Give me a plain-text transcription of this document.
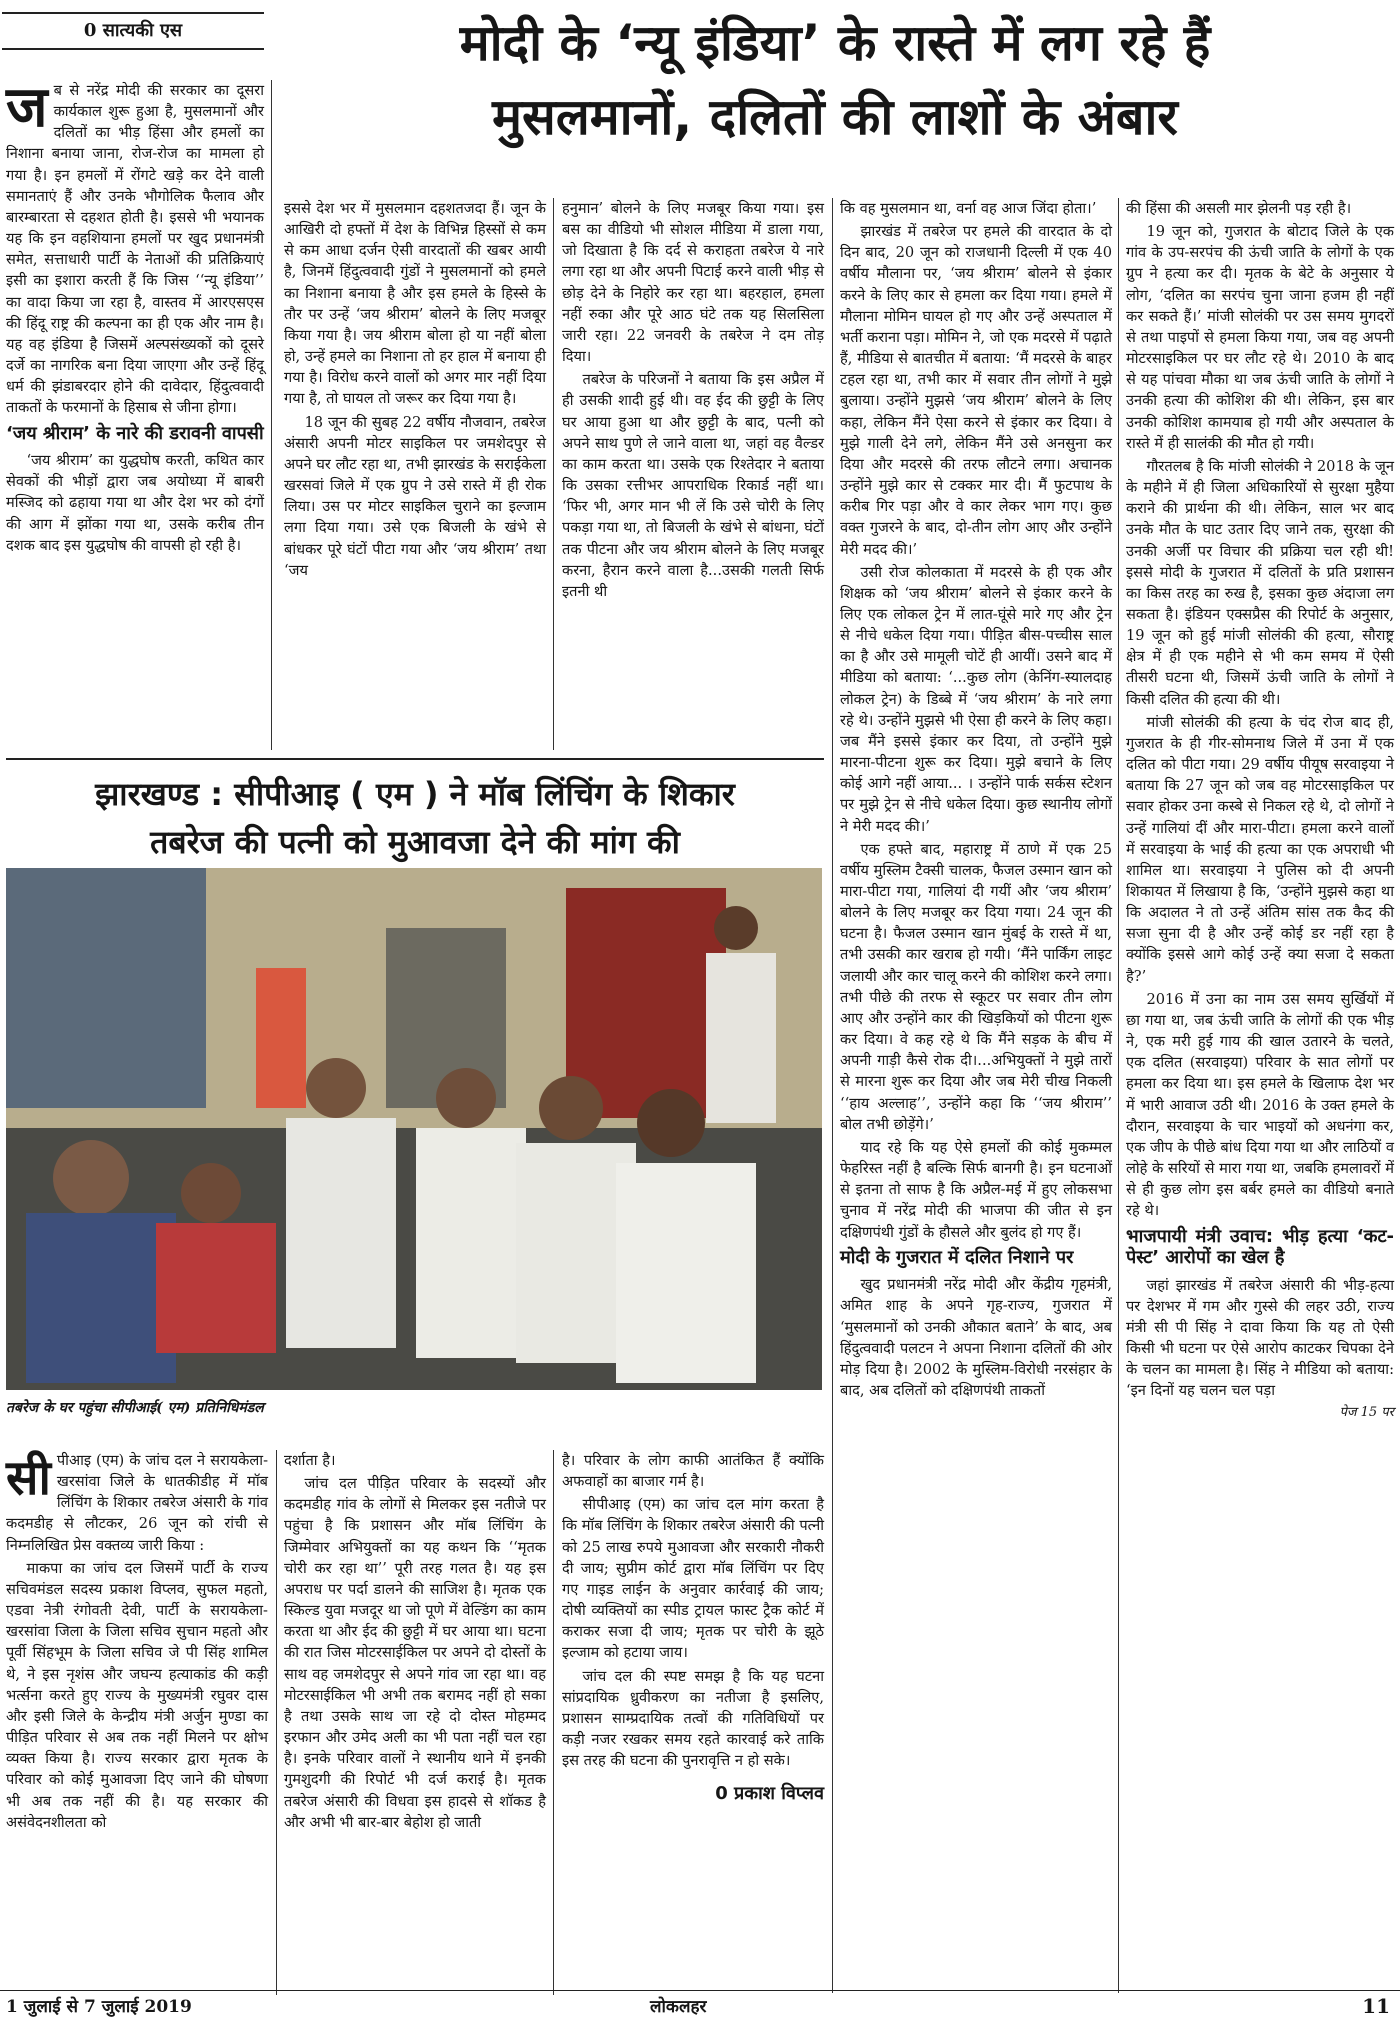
0 सात्यकी एस	मोदी के ‘न्यू इंडिया’ के रास्ते में लग रहे हैं
मुसलमानों, दलितों की लाशों के अंबार
ज ब से नरेंद्र मोदी की सरकार का दूसरा कार्यकाल शुरू हुआ है, मुसलमानों और दलितों का भीड़ हिंसा और हमलों का निशाना बनाया जाना, रोज-रोज का मामला हो गया है। इन हमलों में रोंगटे खड़े कर देने वाली समानताएं हैं और उनके भौगोलिक फैलाव और बारम्बारता से दहशत होती है। इससे भी भयानक यह कि इन वहशियाना हमलों पर खुद प्रधानमंत्री समेत, सत्ताधारी पार्टी के नेताओं की प्रतिक्रियाएं इसी का इशारा करती हैं कि जिस ‘‘न्यू इंडिया’’ का वादा किया जा रहा है, वास्तव में आरएसएस की हिंदू राष्ट्र की कल्पना का ही एक और नाम है। यह वह इंडिया है जिसमें अल्पसंख्यकों को दूसरे दर्जे का नागरिक बना दिया जाएगा और उन्हें हिंदू धर्म की झंडाबरदार होने की दावेदार, हिंदुत्ववादी ताकतों के फरमानों के हिसाब से जीना होगा।

‘जय श्रीराम’ के नारे की डरावनी वापसी

‘जय श्रीराम’ का युद्धघोष करती, कथित कार सेवकों की भीड़ों द्वारा जब अयोध्या में बाबरी मस्जिद को ढहाया गया था और देश भर को दंगों की आग में झोंका गया था, उसके करीब तीन दशक बाद इस युद्धघोष की वापसी हो रही है।

इससे देश भर में मुसलमान दहशतजदा हैं। जून के आखिरी दो हफ्तों में देश के विभिन्न हिस्सों से कम से कम आधा दर्जन ऐसी वारदातों की खबर आयी है, जिनमें हिंदुत्ववादी गुंडों ने मुसलमानों को हमले का निशाना बनाया है और इस हमले के हिस्से के तौर पर उन्हें ‘जय श्रीराम’ बोलने के लिए मजबूर किया गया है। जय श्रीराम बोला हो या नहीं बोला हो, उन्हें हमले का निशाना तो हर हाल में बनाया ही गया है। विरोध करने वालों को अगर मार नहीं दिया गया है, तो घायल तो जरूर कर दिया गया है।

18 जून की सुबह 22 वर्षीय नौजवान, तबरेज अंसारी अपनी मोटर साइकिल पर जमशेदपुर से अपने घर लौट रहा था, तभी झारखंड के सराईकेला खरसवां जिले में एक ग्रुप ने उसे रास्ते में ही रोक लिया। उस पर मोटर साइकिल चुराने का इल्जाम लगा दिया गया। उसे एक बिजली के खंभे से बांधकर पूरे घंटों पीटा गया और ‘जय श्रीराम’ तथा ‘जय

हनुमान’ बोलने के लिए मजबूर किया गया। इस बस का वीडियो भी सोशल मीडिया में डाला गया, जो दिखाता है कि दर्द से कराहता तबरेज ये नारे लगा रहा था और अपनी पिटाई करने वाली भीड़ से छोड़ देने के निहोरे कर रहा था। बहरहाल, हमला नहीं रुका और पूरे आठ घंटे तक यह सिलसिला जारी रहा। 22 जनवरी के तबरेज ने दम तोड़ दिया।

तबरेज के परिजनों ने बताया कि इस अप्रैल में ही उसकी शादी हुई थी। वह ईद की छुट्टी के लिए घर आया हुआ था और छुट्टी के बाद, पत्नी को अपने साथ पुणे ले जाने वाला था, जहां वह वैल्डर का काम करता था। उसके एक रिश्तेदार ने बताया कि उसका रत्तीभर आपराधिक रिकार्ड नहीं था। ‘फिर भी, अगर मान भी लें कि उसे चोरी के लिए पकड़ा गया था, तो बिजली के खंभे से बांधना, घंटों तक पीटना और जय श्रीराम बोलने के लिए मजबूर करना, हैरान करने वाला है...उसकी गलती सिर्फ इतनी थी

कि वह मुसलमान था, वर्ना वह आज जिंदा होता।’

झारखंड में तबरेज पर हमले की वारदात के दो दिन बाद, 20 जून को राजधानी दिल्ली में एक 40 वर्षीय मौलाना पर, ‘जय श्रीराम’ बोलने से इंकार करने के लिए कार से हमला कर दिया गया। हमले में मौलाना मोमिन घायल हो गए और उन्हें अस्पताल में भर्ती कराना पड़ा। मोमिन ने, जो एक मदरसे में पढ़ाते हैं, मीडिया से बातचीत में बताया: ‘मैं मदरसे के बाहर टहल रहा था, तभी कार में सवार तीन लोगों ने मुझे बुलाया। उन्होंने मुझसे ‘जय श्रीराम’ बोलने के लिए कहा, लेकिन मैंने ऐसा करने से इंकार कर दिया। वे मुझे गाली देने लगे, लेकिन मैंने उसे अनसुना कर दिया और मदरसे की तरफ लौटने लगा। अचानक उन्होंने मुझे कार से टक्कर मार दी। मैं फुटपाथ के करीब गिर पड़ा और वे कार लेकर भाग गए। कुछ वक्त गुजरने के बाद, दो-तीन लोग आए और उन्होंने मेरी मदद की।’

उसी रोज कोलकाता में मदरसे के ही एक और शिक्षक को ‘जय श्रीराम’ बोलने से इंकार करने के लिए एक लोकल ट्रेन में लात-घूंसे मारे गए और ट्रेन से नीचे धकेल दिया गया। पीड़ित बीस-पच्चीस साल का है और उसे मामूली चोटें ही आयीं। उसने बाद में मीडिया को बताया: ‘...कुछ लोग (केनिंग-स्यालदाह लोकल ट्रेन) के डिब्बे में ‘जय श्रीराम’ के नारे लगा रहे थे। उन्होंने मुझसे भी ऐसा ही करने के लिए कहा। जब मैंने इससे इंकार कर दिया, तो उन्होंने मुझे मारना-पीटना शुरू कर दिया। मुझे बचाने के लिए कोई आगे नहीं आया... । उन्होंने पार्क सर्कस स्टेशन पर मुझे ट्रेन से नीचे धकेल दिया। कुछ स्थानीय लोगों ने मेरी मदद की।’

एक हफ्ते बाद, महाराष्ट्र में ठाणे में एक 25 वर्षीय मुस्लिम टैक्सी चालक, फैजल उस्मान खान को मारा-पीटा गया, गालियां दी गयीं और ‘जय श्रीराम’ बोलने के लिए मजबूर कर दिया गया। 24 जून की घटना है। फैजल उस्मान खान मुंबई के रास्ते में था, तभी उसकी कार खराब हो गयी। ‘मैंने पार्किंग लाइट जलायी और कार चालू करने की कोशिश करने लगा। तभी पीछे की तरफ से स्कूटर पर सवार तीन लोग आए और उन्होंने कार की खिड़कियों को पीटना शुरू कर दिया। वे कह रहे थे कि मैंने सड़क के बीच में अपनी गाड़ी कैसे रोक दी।...अभियुक्तों ने मुझे तारों से मारना शुरू कर दिया और जब मेरी चीख निकली ‘‘हाय अल्लाह’’, उन्होंने कहा कि ‘‘जय श्रीराम’’ बोल तभी छोड़ेंगे।’

याद रहे कि यह ऐसे हमलों की कोई मुकम्मल फेहरिस्त नहीं है बल्कि सिर्फ बानगी है। इन घटनाओं से इतना तो साफ है कि अप्रैल-मई में हुए लोकसभा चुनाव में नरेंद्र मोदी की भाजपा की जीत से इन दक्षिणपंथी गुंडों के हौसले और बुलंद हो गए हैं।

मोदी के गुजरात में दलित निशाने पर

खुद प्रधानमंत्री नरेंद्र मोदी और केंद्रीय गृहमंत्री, अमित शाह के अपने गृह-राज्य, गुजरात में ‘मुसलमानों को उनकी औकात बताने’ के बाद, अब हिंदुत्ववादी पलटन ने अपना निशाना दलितों की ओर मोड़ दिया है। 2002 के मुस्लिम-विरोधी नरसंहार के बाद, अब दलितों को दक्षिणपंथी ताकतों

की हिंसा की असली मार झेलनी पड़ रही है।

19 जून को, गुजरात के बोटाद जिले के एक गांव के उप-सरपंच की ऊंची जाति के लोगों के एक ग्रुप ने हत्या कर दी। मृतक के बेटे के अनुसार ये लोग, ‘दलित का सरपंच चुना जाना हजम ही नहीं कर सकते हैं।’ मांजी सोलंकी पर उस समय मुगदरों से तथा पाइपों से हमला किया गया, जब वह अपनी मोटरसाइकिल पर घर लौट रहे थे। 2010 के बाद से यह पांचवा मौका था जब ऊंची जाति के लोगों ने उनकी हत्या की कोशिश की थी। लेकिन, इस बार उनकी कोशिश कामयाब हो गयी और अस्पताल के रास्ते में ही सालंकी की मौत हो गयी।

गौरतलब है कि मांजी सोलंकी ने 2018 के जून के महीने में ही जिला अधिकारियों से सुरक्षा मुहैया कराने की प्रार्थना की थी। लेकिन, साल भर बाद उनके मौत के घाट उतार दिए जाने तक, सुरक्षा की उनकी अर्जी पर विचार की प्रक्रिया चल रही थी! इससे मोदी के गुजरात में दलितों के प्रति प्रशासन का किस तरह का रुख है, इसका कुछ अंदाजा लग सकता है। इंडियन एक्सप्रैस की रिपोर्ट के अनुसार, 19 जून को हुई मांजी सोलंकी की हत्या, सौराष्ट्र क्षेत्र में ही एक महीने से भी कम समय में ऐसी तीसरी घटना थी, जिसमें ऊंची जाति के लोगों ने किसी दलित की हत्या की थी।

मांजी सोलंकी की हत्या के चंद रोज बाद ही, गुजरात के ही गीर-सोमनाथ जिले में उना में एक दलित को पीटा गया। 29 वर्षीय पीयूष सरवाइया ने बताया कि 27 जून को जब वह मोटरसाइकिल पर सवार होकर उना कस्बे से निकल रहे थे, दो लोगों ने उन्हें गालियां दीं और मारा-पीटा। हमला करने वालों में सरवाइया के भाई की हत्या का एक अपराधी भी शामिल था। सरवाइया ने पुलिस को दी अपनी शिकायत में लिखाया है कि, ‘उन्होंने मुझसे कहा था कि अदालत ने तो उन्हें अंतिम सांस तक कैद की सजा सुना दी है और उन्हें कोई डर नहीं रहा है क्योंकि इससे आगे कोई उन्हें क्या सजा दे सकता है?’

2016 में उना का नाम उस समय सुर्खियों में छा गया था, जब ऊंची जाति के लोगों की एक भीड़ ने, एक मरी हुई गाय की खाल उतारने के चलते, एक दलित (सरवाइया) परिवार के सात लोगों पर हमला कर दिया था। इस हमले के खिलाफ देश भर में भारी आवाज उठी थी। 2016 के उक्त हमले के दौरान, सरवाइया के चार भाइयों को अधनंगा कर, एक जीप के पीछे बांध दिया गया था और लाठियों व लोहे के सरियों से मारा गया था, जबकि हमलावरों में से ही कुछ लोग इस बर्बर हमले का वीडियो बनाते रहे थे।

भाजपायी मंत्री उवाच: भीड़ हत्या ‘कट-पेस्ट’ आरोपों का खेल है

जहां झारखंड में तबरेज अंसारी की भीड़-हत्या पर देशभर में गम और गुस्से की लहर उठी, राज्य मंत्री सी पी सिंह ने दावा किया कि यह तो ऐसी किसी भी घटना पर ऐसे आरोप काटकर चिपका देने के चलन का मामला है। सिंह ने मीडिया को बताया: ‘इन दिनों यह चलन चल पड़ा

पेज 15 पर
झारखण्ड : सीपीआइ ( एम ) ने मॉब लिंचिंग के शिकार
तबरेज की पत्नी को मुआवजा देने की मांग की
तबरेज के घर पहुंचा सीपीआई( एम) प्रतिनिधिमंडल
सी पीआइ (एम) के जांच दल ने सरायकेला-खरसांवा जिले के धातकीडीह में मॉब लिंचिंग के शिकार तबरेज अंसारी के गांव कदमडीह से लौटकर, 26 जून को रांची से निम्नलिखित प्रेस वक्तव्य जारी किया :

माकपा का जांच दल जिसमें पार्टी के राज्य सचिवमंडल सदस्य प्रकाश विप्लव, सुफल महतो, एडवा नेत्री रंगोवती देवी, पार्टी के सरायकेला-खरसांवा जिला के जिला सचिव सुचान महतो और पूर्वी सिंहभूम के जिला सचिव जे पी सिंह शामिल थे, ने इस नृशंस और जघन्य हत्याकांड की कड़ी भर्त्सना करते हुए राज्य के मुख्यमंत्री रघुवर दास और इसी जिले के केन्द्रीय मंत्री अर्जुन मुण्डा का पीड़ित परिवार से अब तक नहीं मिलने पर क्षोभ व्यक्त किया है। राज्य सरकार द्वारा मृतक के परिवार को कोई मुआवजा दिए जाने की घोषणा भी अब तक नहीं की है। यह सरकार की असंवेदनशीलता को

दर्शाता है।

जांच दल पीड़ित परिवार के सदस्यों और कदमडीह गांव के लोगों से मिलकर इस नतीजे पर पहुंचा है कि प्रशासन और मॉब लिंचिंग के जिम्मेवार अभियुक्तों का यह कथन कि ‘‘मृतक चोरी कर रहा था’’ पूरी तरह गलत है। यह इस अपराध पर पर्दा डालने की साजिश है। मृतक एक स्किल्ड युवा मजदूर था जो पूणे में वेल्डिंग का काम करता था और ईद की छुट्टी में घर आया था। घटना की रात जिस मोटरसाईकिल पर अपने दो दोस्तों के साथ वह जमशेदपुर से अपने गांव जा रहा था। वह मोटरसाईकिल भी अभी तक बरामद नहीं हो सका है तथा उसके साथ जा रहे दो दोस्त मोहम्मद इरफान और उमेद अली का भी पता नहीं चल रहा है। इनके परिवार वालों ने स्थानीय थाने में इनकी गुमशुदगी की रिपोर्ट भी दर्ज कराई है। मृतक तबरेज अंसारी की विधवा इस हादसे से शॉकड है और अभी भी बार-बार बेहोश हो जाती

है। परिवार के लोग काफी आतंकित हैं क्योंकि अफवाहों का बाजार गर्म है।

सीपीआइ (एम) का जांच दल मांग करता है कि मॉब लिंचिंग के शिकार तबरेज अंसारी की पत्नी को 25 लाख रुपये मुआवजा और सरकारी नौकरी दी जाय; सुप्रीम कोर्ट द्वारा मॉब लिंचिंग पर दिए गए गाइड लाईन के अनुवार कार्रवाई की जाय; दोषी व्यक्तियों का स्पीड ट्रायल फास्ट ट्रैक कोर्ट में कराकर सजा दी जाय; मृतक पर चोरी के झूठे इल्जाम को हटाया जाय।

जांच दल की स्पष्ट समझ है कि यह घटना सांप्रदायिक ध्रुवीकरण का नतीजा है इसलिए, प्रशासन साम्प्रदायिक तत्वों की गतिविधियों पर कड़ी नजर रखकर समय रहते कारवाई करे ताकि इस तरह की घटना की पुनरावृत्ति न हो सके।

0 प्रकाश विप्लव
1 जुलाई से 7 जुलाई 2019	लोकलहर	11
